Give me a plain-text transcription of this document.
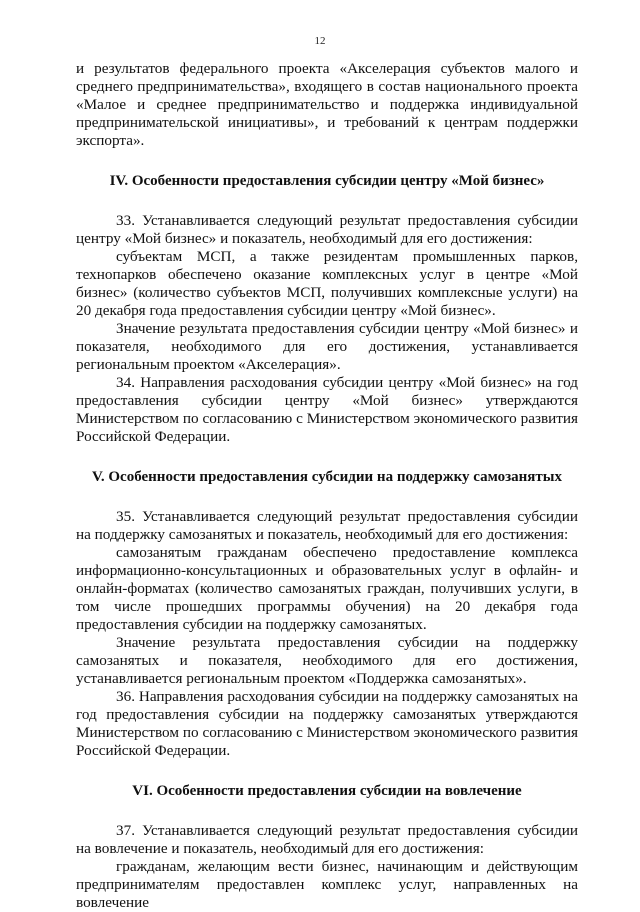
12

и результатов федерального проекта «Акселерация субъектов малого и среднего предпринимательства», входящего в состав национального проекта «Малое и среднее предпринимательство и поддержка индивидуальной предпринимательской инициативы», и требований к центрам поддержки экспорта».

IV. Особенности предоставления субсидии центру «Мой бизнес»

33. Устанавливается следующий результат предоставления субсидии центру «Мой бизнес» и показатель, необходимый для его достижения:

субъектам МСП, а также резидентам промышленных парков, технопарков обеспечено оказание комплексных услуг в центре «Мой бизнес» (количество субъектов МСП, получивших комплексные услуги) на 20 декабря года предоставления субсидии центру «Мой бизнес».

Значение результата предоставления субсидии центру «Мой бизнес» и показателя, необходимого для его достижения, устанавливается региональным проектом «Акселерация».

34. Направления расходования субсидии центру «Мой бизнес» на год предоставления субсидии центру «Мой бизнес» утверждаются Министерством по согласованию с Министерством экономического развития Российской Федерации.

V. Особенности предоставления субсидии на поддержку самозанятых

35. Устанавливается следующий результат предоставления субсидии на поддержку самозанятых и показатель, необходимый для его достижения:

самозанятым гражданам обеспечено предоставление комплекса информационно-консультационных и образовательных услуг в офлайн- и онлайн-форматах (количество самозанятых граждан, получивших услуги, в том числе прошедших программы обучения) на 20 декабря года предоставления субсидии на поддержку самозанятых.

Значение результата предоставления субсидии на поддержку самозанятых и показателя, необходимого для его достижения, устанавливается региональным проектом «Поддержка самозанятых».

36. Направления расходования субсидии на поддержку самозанятых на год предоставления субсидии на поддержку самозанятых утверждаются Министерством по согласованию с Министерством экономического развития Российской Федерации.

VI. Особенности предоставления субсидии на вовлечение

37. Устанавливается следующий результат предоставления субсидии на вовлечение и показатель, необходимый для его достижения:

гражданам, желающим вести бизнес, начинающим и действующим предпринимателям предоставлен комплекс услуг, направленных на вовлечение
